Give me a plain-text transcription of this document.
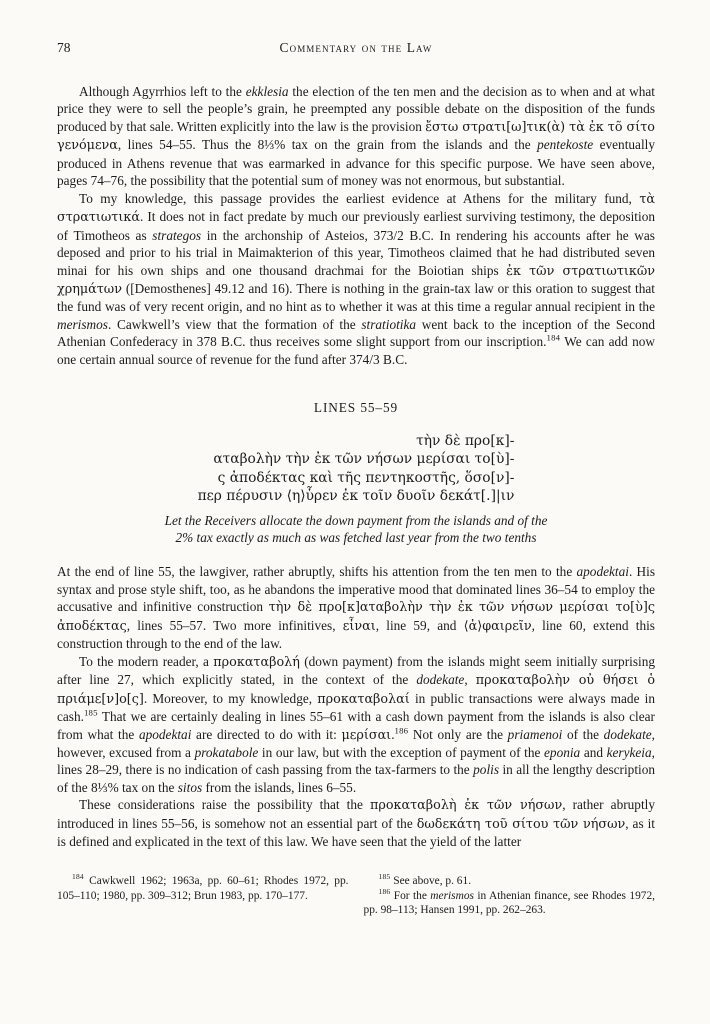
78	Commentary on the Law

Although Agyrrhios left to the ekklesia the election of the ten men and the decision as to when and at what price they were to sell the people’s grain, he preempted any possible debate on the disposition of the funds produced by that sale. Written explicitly into the law is the provision ἔστω στρατι[ω]τικ(ὰ) τὰ ἐκ τõ σίτο γενόμενα, lines 54–55. Thus the 8⅓% tax on the grain from the islands and the pentekoste eventually produced in Athens revenue that was earmarked in advance for this specific purpose. We have seen above, pages 74–76, the possibility that the potential sum of money was not enormous, but substantial.

To my knowledge, this passage provides the earliest evidence at Athens for the military fund, τὰ στρατιωτικά. It does not in fact predate by much our previously earliest surviving testimony, the deposition of Timotheos as strategos in the archonship of Asteios, 373/2 B.C. In rendering his accounts after he was deposed and prior to his trial in Maimakterion of this year, Timotheos claimed that he had distributed seven minai for his own ships and one thousand drachmai for the Boiotian ships ἐκ τῶν στρατιωτικῶν χρημάτων ([Demosthenes] 49.12 and 16). There is nothing in the grain-tax law or this oration to suggest that the fund was of very recent origin, and no hint as to whether it was at this time a regular annual recipient in the merismos. Cawkwell’s view that the formation of the stratiotika went back to the inception of the Second Athenian Confederacy in 378 B.C. thus receives some slight support from our inscription.$^{184}$ We can add now one certain annual source of revenue for the fund after 374/3 B.C.

LINES 55–59
τὴν δὲ προ[κ]-
αταβολὴν τὴν ἐκ τῶν νήσων μερίσαι το[ὺ]-
ς ἀποδέκτας καὶ τῆς πεντηκοστῆς, ὅσο[ν]-
περ πέρυσιν ⟨η⟩ὗρεν ἐκ τοῖν δυοῖν δεκάτ[.]|ιν
Let the Receivers allocate the down payment from the islands and of the
2% tax exactly as much as was fetched last year from the two tenths

At the end of line 55, the lawgiver, rather abruptly, shifts his attention from the ten men to the apodektai. His syntax and prose style shift, too, as he abandons the imperative mood that dominated lines 36–54 to employ the accusative and infinitive construction τὴν δὲ προ[κ]αταβολὴν τὴν ἐκ τῶν νήσων μερίσαι το[ὺ]ς ἀποδέκτας, lines 55–57. Two more infinitives, εἶναι, line 59, and ⟨ἀ⟩φαιρεῖν, line 60, extend this construction through to the end of the law.

To the modern reader, a προκαταβολή (down payment) from the islands might seem initially surprising after line 27, which explicitly stated, in the context of the dodekate, προκαταβολὴν οὐ θήσει ὁ πριάμε[ν]ο[ς]. Moreover, to my knowledge, προκαταβολαί in public transactions were always made in cash.$^{185}$ That we are certainly dealing in lines 55–61 with a cash down payment from the islands is also clear from what the apodektai are directed to do with it: μερίσαι.$^{186}$ Not only are the priamenoi of the dodekate, however, excused from a prokatabole in our law, but with the exception of payment of the eponia and kerykeia, lines 28–29, there is no indication of cash passing from the tax-farmers to the polis in all the lengthy description of the 8⅓% tax on the sitos from the islands, lines 6–55.

These considerations raise the possibility that the προκαταβολὴ ἐκ τῶν νήσων, rather abruptly introduced in lines 55–56, is somehow not an essential part of the δωδεκάτη τοῦ σίτου τῶν νήσων, as it is defined and explicated in the text of this law. We have seen that the yield of the latter

$^{184}$ Cawkwell 1962; 1963a, pp. 60–61; Rhodes 1972, pp. 105–110; 1980, pp. 309–312; Brun 1983, pp. 170–177.

$^{185}$ See above, p. 61.

$^{186}$ For the merismos in Athenian finance, see Rhodes 1972, pp. 98–113; Hansen 1991, pp. 262–263.
